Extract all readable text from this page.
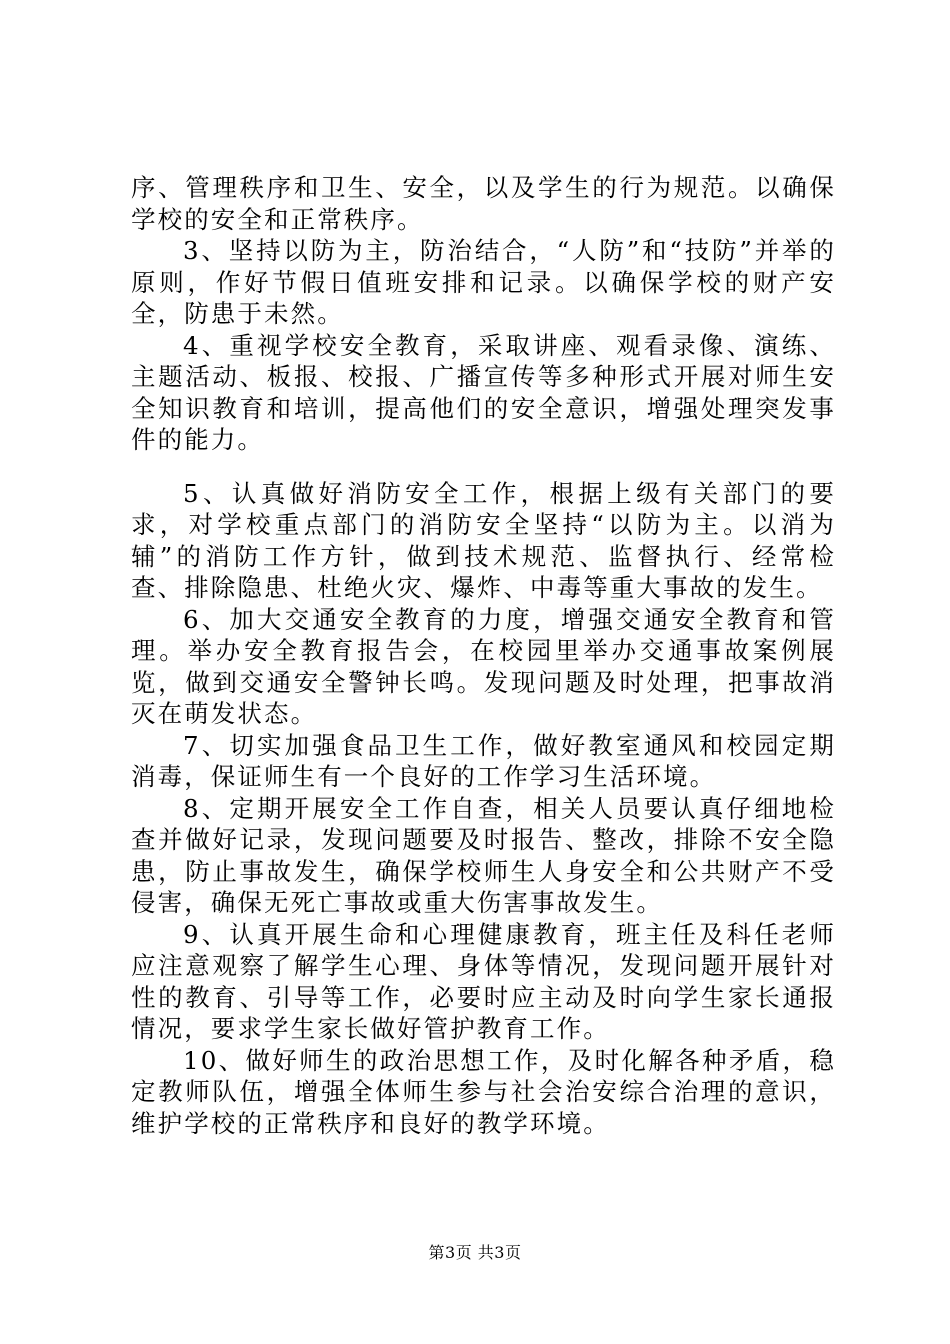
序、管理秩序和卫生、安全，以及学生的行为规范。以确保学校的安全和正常秩序。

3、坚持以防为主，防治结合，“人防”和“技防”并举的原则，作好节假日值班安排和记录。以确保学校的财产安全，防患于未然。

4、重视学校安全教育，采取讲座、观看录像、演练、主题活动、板报、校报、广播宣传等多种形式开展对师生安全知识教育和培训，提高他们的安全意识，增强处理突发事件的能力。

5、认真做好消防安全工作，根据上级有关部门的要求，对学校重点部门的消防安全坚持“以防为主。以消为辅”的消防工作方针，做到技术规范、监督执行、经常检查、排除隐患、杜绝火灾、爆炸、中毒等重大事故的发生。

6、加大交通安全教育的力度，增强交通安全教育和管理。举办安全教育报告会，在校园里举办交通事故案例展览，做到交通安全警钟长鸣。发现问题及时处理，把事故消灭在萌发状态。

7、切实加强食品卫生工作，做好教室通风和校园定期消毒，保证师生有一个良好的工作学习生活环境。

8、定期开展安全工作自查，相关人员要认真仔细地检查并做好记录，发现问题要及时报告、整改，排除不安全隐患，防止事故发生，确保学校师生人身安全和公共财产不受侵害，确保无死亡事故或重大伤害事故发生。

9、认真开展生命和心理健康教育，班主任及科任老师应注意观察了解学生心理、身体等情况，发现问题开展针对性的教育、引导等工作，必要时应主动及时向学生家长通报情况，要求学生家长做好管护教育工作。

10、做好师生的政治思想工作，及时化解各种矛盾，稳定教师队伍，增强全体师生参与社会治安综合治理的意识，维护学校的正常秩序和良好的教学环境。

第3页 共3页
